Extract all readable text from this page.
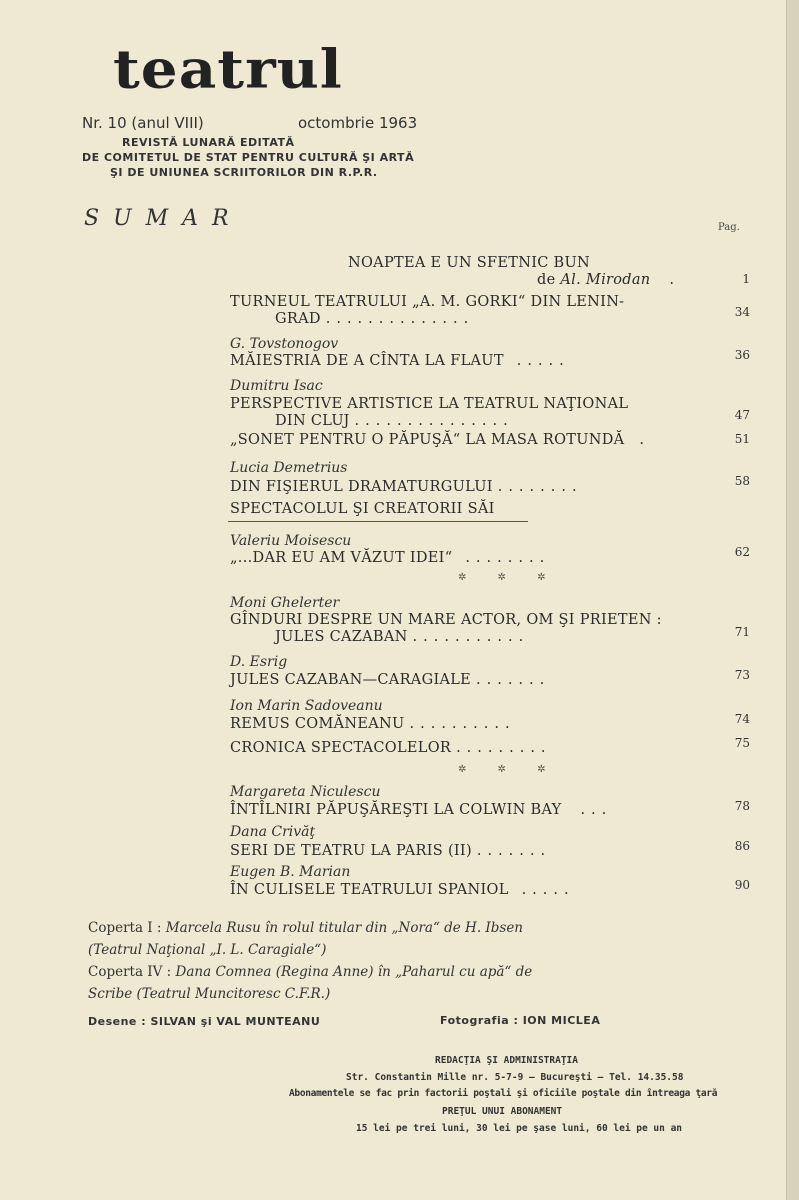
teatrul
Nr. 10 (anul VIII)	octombrie 1963
REVISTĂ LUNARĂ EDITATĂ
DE COMITETUL DE STAT PENTRU CULTURĂ ŞI ARTĂ
ŞI DE UNIUNEA SCRIITORILOR DIN R.P.R.
SUMAR	Pag.
NOAPTEA E UN SFETNIC BUN
de Al. Mirodan .	1
TURNEUL TEATRULUI „A. M. GORKI“ DIN LENIN-
GRAD ..............	34
G. Tovstonogov
MĂIESTRIA DE A CÎNTA LA FLAUT .....	36
Dumitru Isac
PERSPECTIVE ARTISTICE LA TEATRUL NAŢIONAL
DIN CLUJ ...............	47
„SONET PENTRU O PĂPUŞĂ“ LA MASA ROTUNDĂ .	51
Lucia Demetrius
DIN FIŞIERUL DRAMATURGULUI ........	58
SPECTACOLUL ŞI CREATORII SĂI
Valeriu Moisescu
„...DAR EU AM VĂZUT IDEI“ ........	62
✲ ✲ ✲
Moni Ghelerter
GÎNDURI DESPRE UN MARE ACTOR, OM ŞI PRIETEN :
JULES CAZABAN ...........	71
D. Esrig
JULES CAZABAN—CARAGIALE .......	73
Ion Marin Sadoveanu
REMUS COMĂNEANU ..........	74
CRONICA SPECTACOLELOR .........	75
✲ ✲ ✲
Margareta Niculescu
ÎNTÎLNIRI PĂPUŞĂREŞTI LA COLWIN BAY ...	78
Dana Crivăţ
SERI DE TEATRU LA PARIS (II) .......	86
Eugen B. Marian
ÎN CULISELE TEATRULUI SPANIOL .....	90
Coperta I : Marcela Rusu în rolul titular din „Nora“ de H. Ibsen
(Teatrul Naţional „I. L. Caragiale“)
Coperta IV : Dana Comnea (Regina Anne) în „Paharul cu apă“ de
Scribe (Teatrul Muncitoresc C.F.R.)
Desene : SILVAN şi VAL MUNTEANU	Fotografia : ION MICLEA
REDACŢIA ŞI ADMINISTRAŢIA
Str. Constantin Mille nr. 5-7-9 – Bucureşti – Tel. 14.35.58
Abonamentele se fac prin factorii poştali şi oficiile poştale din întreaga ţară
PREŢUL UNUI ABONAMENT
15 lei pe trei luni, 30 lei pe şase luni, 60 lei pe un an
